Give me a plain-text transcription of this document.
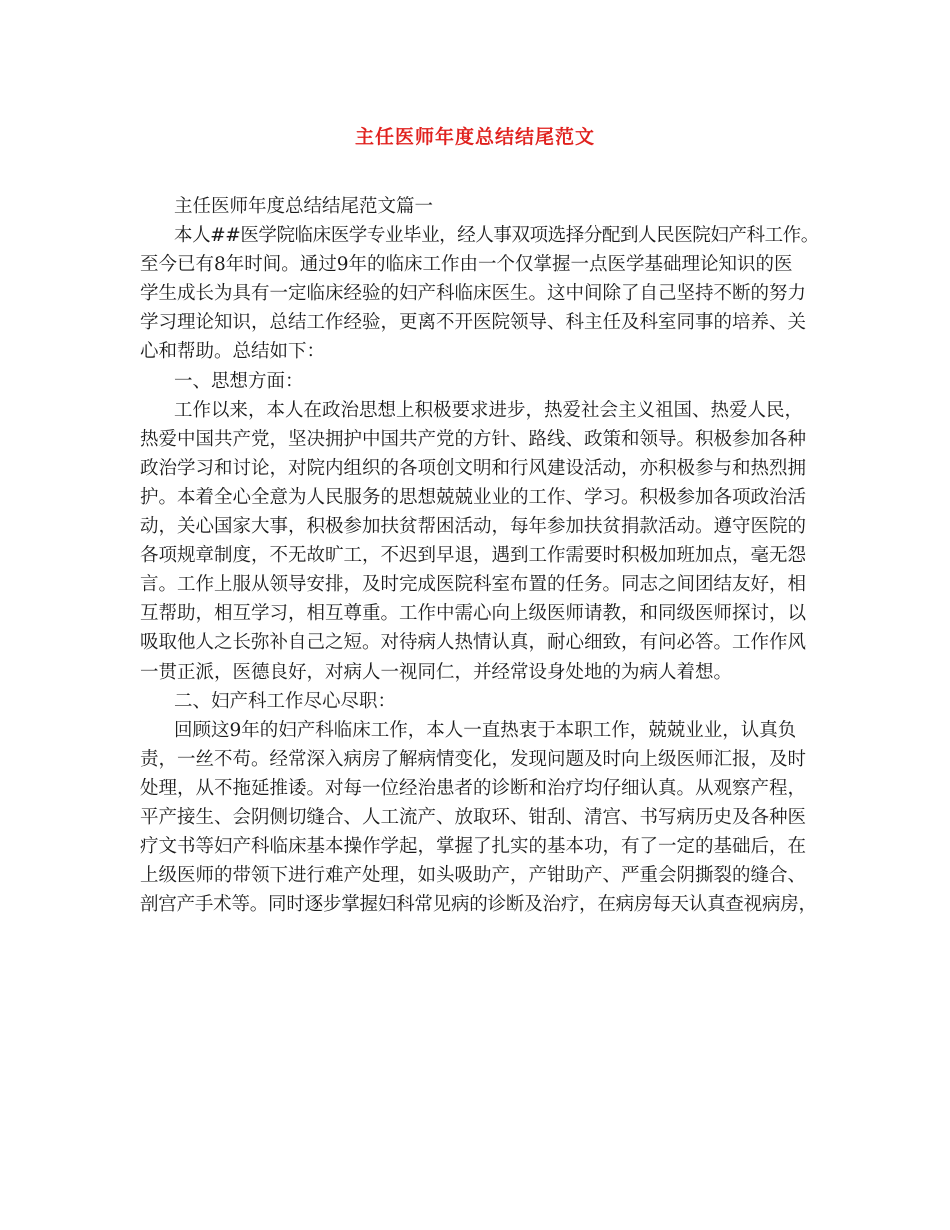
主任医师年度总结结尾范文
主任医师年度总结结尾范文篇一
本人##医学院临床医学专业毕业，经人事双项选择分配到人民医院妇产科工作。
至今已有8年时间。通过9年的临床工作由一个仅掌握一点医学基础理论知识的医
学生成长为具有一定临床经验的妇产科临床医生。这中间除了自己坚持不断的努力
学习理论知识，总结工作经验，更离不开医院领导、科主任及科室同事的培养、关
心和帮助。总结如下：
一、思想方面：
工作以来，本人在政治思想上积极要求进步，热爱社会主义祖国、热爱人民，
热爱中国共产党，坚决拥护中国共产党的方针、路线、政策和领导。积极参加各种
政治学习和讨论，对院内组织的各项创文明和行风建设活动，亦积极参与和热烈拥
护。本着全心全意为人民服务的思想兢兢业业的工作、学习。积极参加各项政治活
动，关心国家大事，积极参加扶贫帮困活动，每年参加扶贫捐款活动。遵守医院的
各项规章制度，不无故旷工，不迟到早退，遇到工作需要时积极加班加点，毫无怨
言。工作上服从领导安排，及时完成医院科室布置的任务。同志之间团结友好，相
互帮助，相互学习，相互尊重。工作中需心向上级医师请教，和同级医师探讨，以
吸取他人之长弥补自己之短。对待病人热情认真，耐心细致，有问必答。工作作风
一贯正派，医德良好，对病人一视同仁，并经常设身处地的为病人着想。
二、妇产科工作尽心尽职：
回顾这9年的妇产科临床工作，本人一直热衷于本职工作，兢兢业业，认真负
责，一丝不苟。经常深入病房了解病情变化，发现问题及时向上级医师汇报，及时
处理，从不拖延推诿。对每一位经治患者的诊断和治疗均仔细认真。从观察产程，
平产接生、会阴侧切缝合、人工流产、放取环、钳刮、清宫、书写病历史及各种医
疗文书等妇产科临床基本操作学起，掌握了扎实的基本功，有了一定的基础后，在
上级医师的带领下进行难产处理，如头吸助产，产钳助产、严重会阴撕裂的缝合、
剖宫产手术等。同时逐步掌握妇科常见病的诊断及治疗，在病房每天认真查视病房，
